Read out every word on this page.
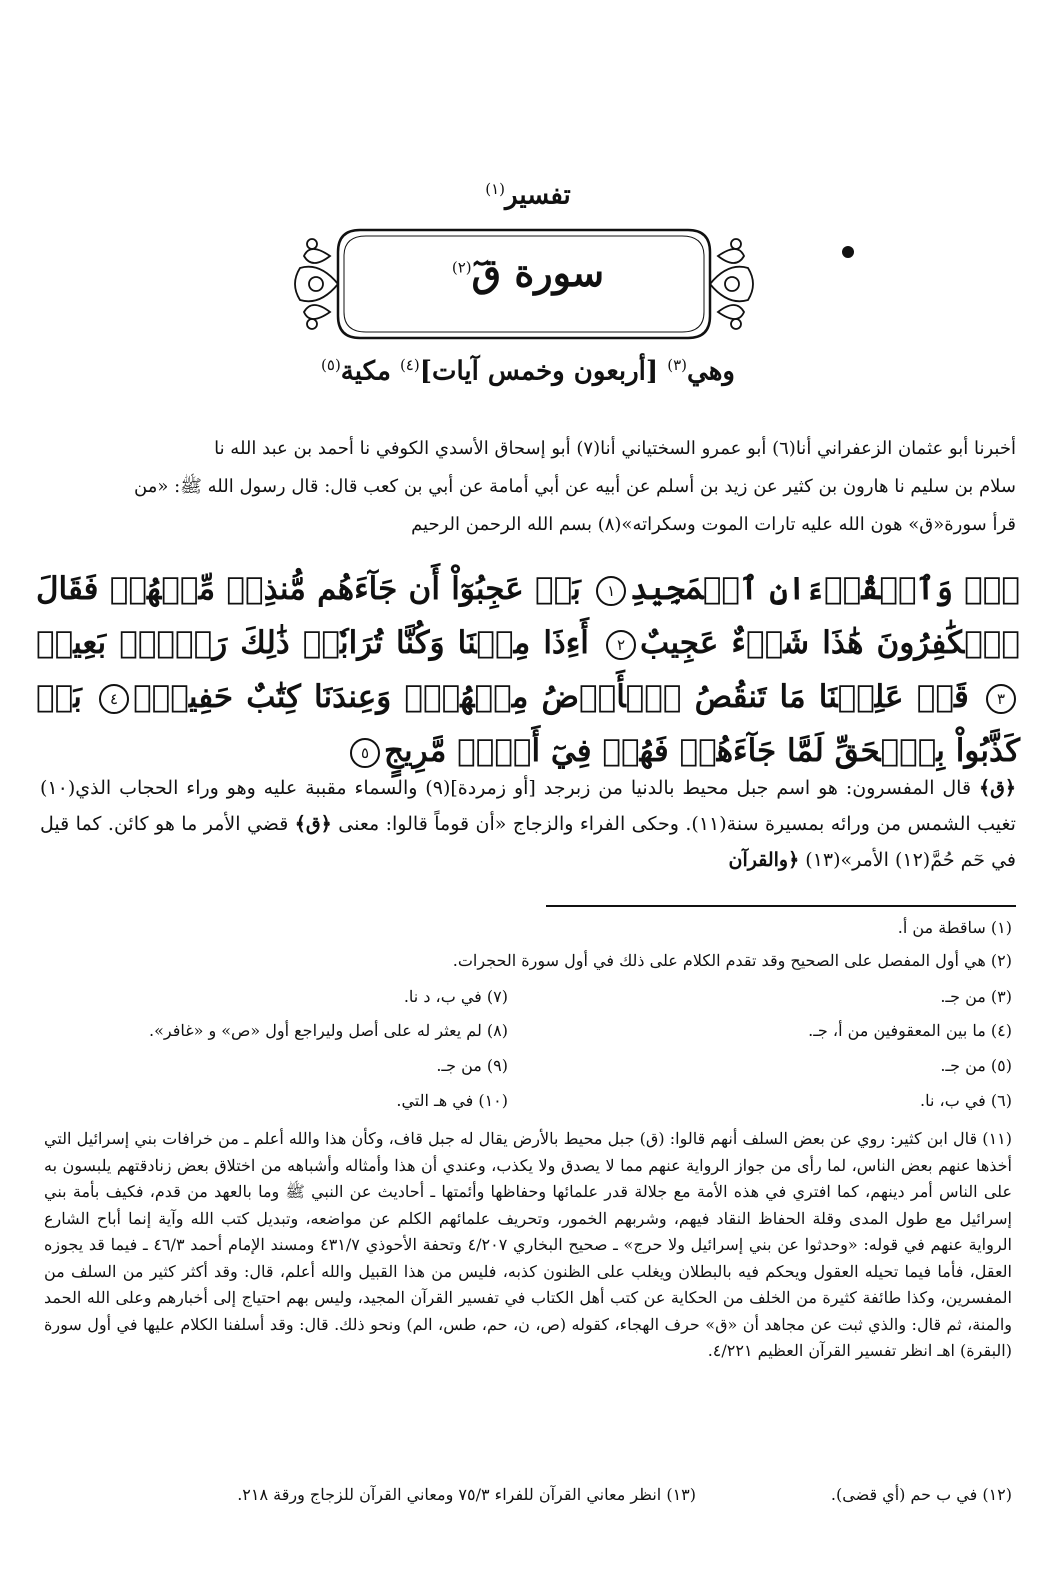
تفسير$^{(١)}$
سورة قٓ$^{(٢)}$
وهي$^{(٣)}$ [أربعون وخمس آيات]$^{(٤)}$ مكية$^{(٥)}$
أخبرنا أبو عثمان الزعفراني أنا(٦) أبو عمرو السختياني أنا(٧) أبو إسحاق الأسدي الكوفي نا أحمد بن عبد الله نا
سلام بن سليم نا هارون بن كثير عن زيد بن أسلم عن أبيه عن أبي أمامة عن أبي بن كعب قال: قال رسول الله ﷺ: «من
قرأ سورة«ق» هون الله عليه تارات الموت وسكراته»(٨) بسم الله الرحمن الرحيم
قٓۚ وَٱلۡقُرۡءَانِ ٱلۡمَجِيدِ١ بَلۡ عَجِبُوٓاْ أَن جَآءَهُم مُّنذِرٞ مِّنۡهُمۡ فَقَالَ ٱلۡكَٰفِرُونَ هَٰذَا شَيۡءٌ عَجِيبٌ٢ أَءِذَا مِتۡنَا وَكُنَّا تُرَابٗاۖ ذَٰلِكَ رَجۡعُۢ بَعِيدٞ٣ قَدۡ عَلِمۡنَا مَا تَنقُصُ ٱلۡأَرۡضُ مِنۡهُمۡۖ وَعِندَنَا كِتَٰبٌ حَفِيظُۢ٤ بَلۡ كَذَّبُواْ بِٱلۡحَقِّ لَمَّا جَآءَهُمۡ فَهُمۡ فِيٓ أَمۡرٖ مَّرِيجٍ٥
﴿ق﴾ قال المفسرون: هو اسم جبل محيط بالدنيا من زبرجد [أو زمردة](٩) والسماء مقببة عليه وهو وراء الحجاب الذي(١٠) تغيب الشمس من ورائه بمسيرة سنة(١١). وحكى الفراء والزجاج «أن قوماً قالوا: معنى ﴿ق﴾ قضي الأمر ما هو كائن. كما قيل في حٓم حُمَّ(١٢) الأمر»(١٣) ﴿والقرآن
(١) ساقطة من أ.
(٢) هي أول المفصل على الصحيح وقد تقدم الكلام على ذلك في أول سورة الحجرات.
(٣) من جـ.
(٧) في ب، د نا.
(٤) ما بين المعقوفين من أ، جـ.
(٨) لم يعثر له على أصل وليراجع أول «ص» و «غافر».
(٥) من جـ.
(٩) من جـ.
(٦) في ب، نا.
(١٠) في هـ التي.
(١١) قال ابن كثير: روي عن بعض السلف أنهم قالوا: (ق) جبل محيط بالأرض يقال له جبل قاف، وكأن هذا والله أعلم ـ من خرافات بني إسرائيل التي أخذها عنهم بعض الناس، لما رأى من جواز الرواية عنهم مما لا يصدق ولا يكذب، وعندي أن هذا وأمثاله وأشباهه من اختلاق بعض زنادقتهم يلبسون به على الناس أمر دينهم، كما افتري في هذه الأمة مع جلالة قدر علمائها وحفاظها وأئمتها ـ أحاديث عن النبي ﷺ وما بالعهد من قدم، فكيف بأمة بني إسرائيل مع طول المدى وقلة الحفاظ النقاد فيهم، وشربهم الخمور، وتحريف علمائهم الكلم عن مواضعه، وتبديل كتب الله وآية إنما أباح الشارع الرواية عنهم في قوله: «وحدثوا عن بني إسرائيل ولا حرج» ـ صحيح البخاري ٤/٢٠٧ وتحفة الأحوذي ٤٣١/٧ ومسند الإمام أحمد ٤٦/٣ ـ فيما قد يجوزه العقل، فأما فيما تحيله العقول ويحكم فيه بالبطلان ويغلب على الظنون كذبه، فليس من هذا القبيل والله أعلم، قال: وقد أكثر كثير من السلف من المفسرين، وكذا طائفة كثيرة من الخلف من الحكاية عن كتب أهل الكتاب في تفسير القرآن المجيد، وليس بهم احتياج إلى أخبارهم وعلى الله الحمد والمنة، ثم قال: والذي ثبت عن مجاهد أن «ق» حرف الهجاء، كقوله (ص، ن، حم، طس، الم) ونحو ذلك. قال: وقد أسلفنا الكلام عليها في أول سورة (البقرة) اهـ انظر تفسير القرآن العظيم ٤/٢٢١.
(١٢) في ب حم (أي قضى).
(١٣) انظر معاني القرآن للفراء ٧٥/٣ ومعاني القرآن للزجاج ورقة ٢١٨.
